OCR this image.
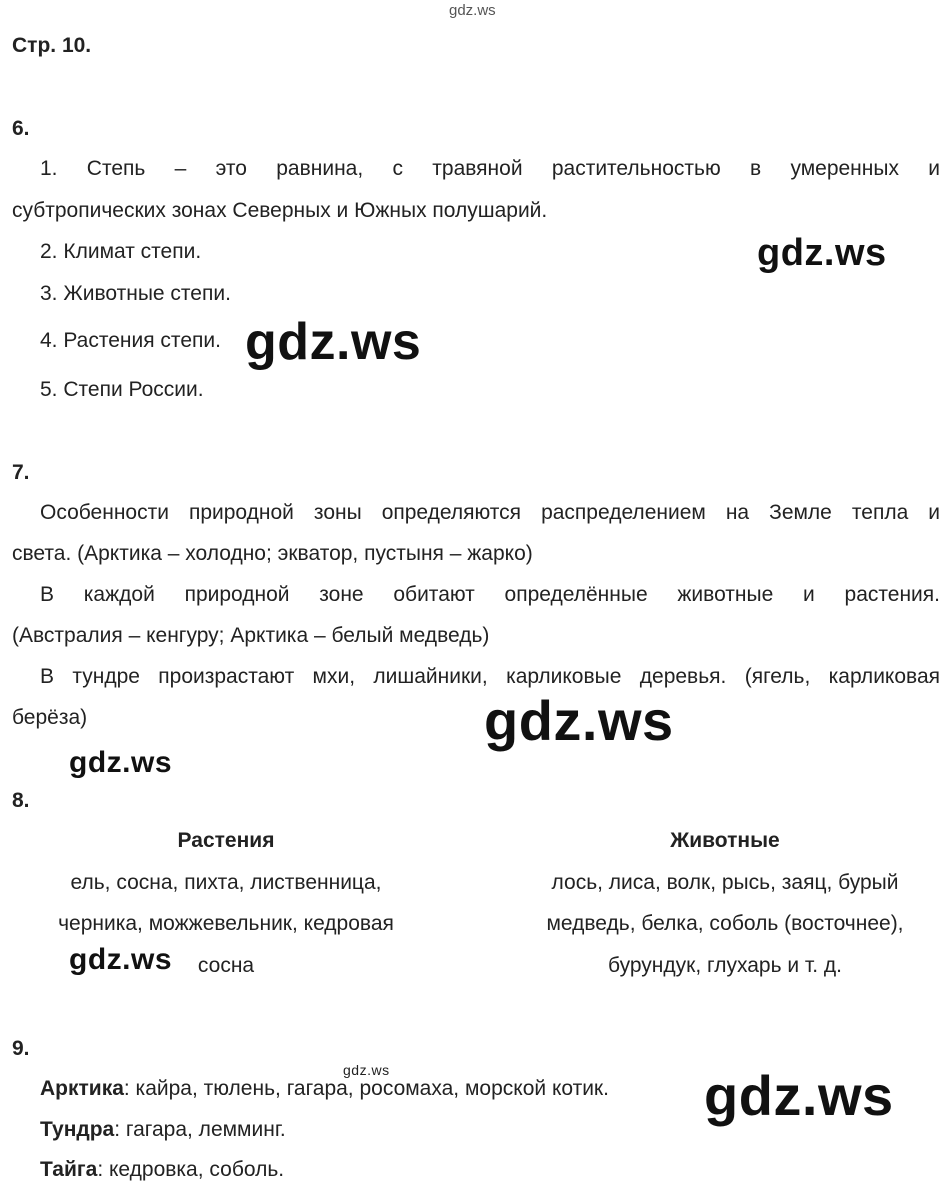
gdz.ws
Стр. 10.
6.
1. Степь – это равнина, с травяной растительностью в умеренных и
субтропических зонах Северных и Южных полушарий.
2. Климат степи.
3. Животные степи.
4. Растения степи.
5. Степи России.
gdz.ws
gdz.ws
7.
Особенности природной зоны определяются распределением на Земле тепла и
света. (Арктика – холодно; экватор, пустыня – жарко)
В каждой природной зоне обитают определённые животные и растения.
(Австралия – кенгуру; Арктика – белый медведь)
В тундре произрастают мхи, лишайники, карликовые деревья. (ягель, карликовая
берёза)	gdz.ws
gdz.ws
8.
Растения
ель, сосна, пихта, лиственница,
черника, можжевельник, кедровая
сосна
Животные
лось, лиса, волк, рысь, заяц, бурый
медведь, белка, соболь (восточнее),
бурундук, глухарь и т. д.
gdz.ws
9.
gdz.ws
Арктика: кайра, тюлень, гагара, росомаха, морской котик.
Тундра: гагара, лемминг.
Тайга: кедровка, соболь.
gdz.ws
